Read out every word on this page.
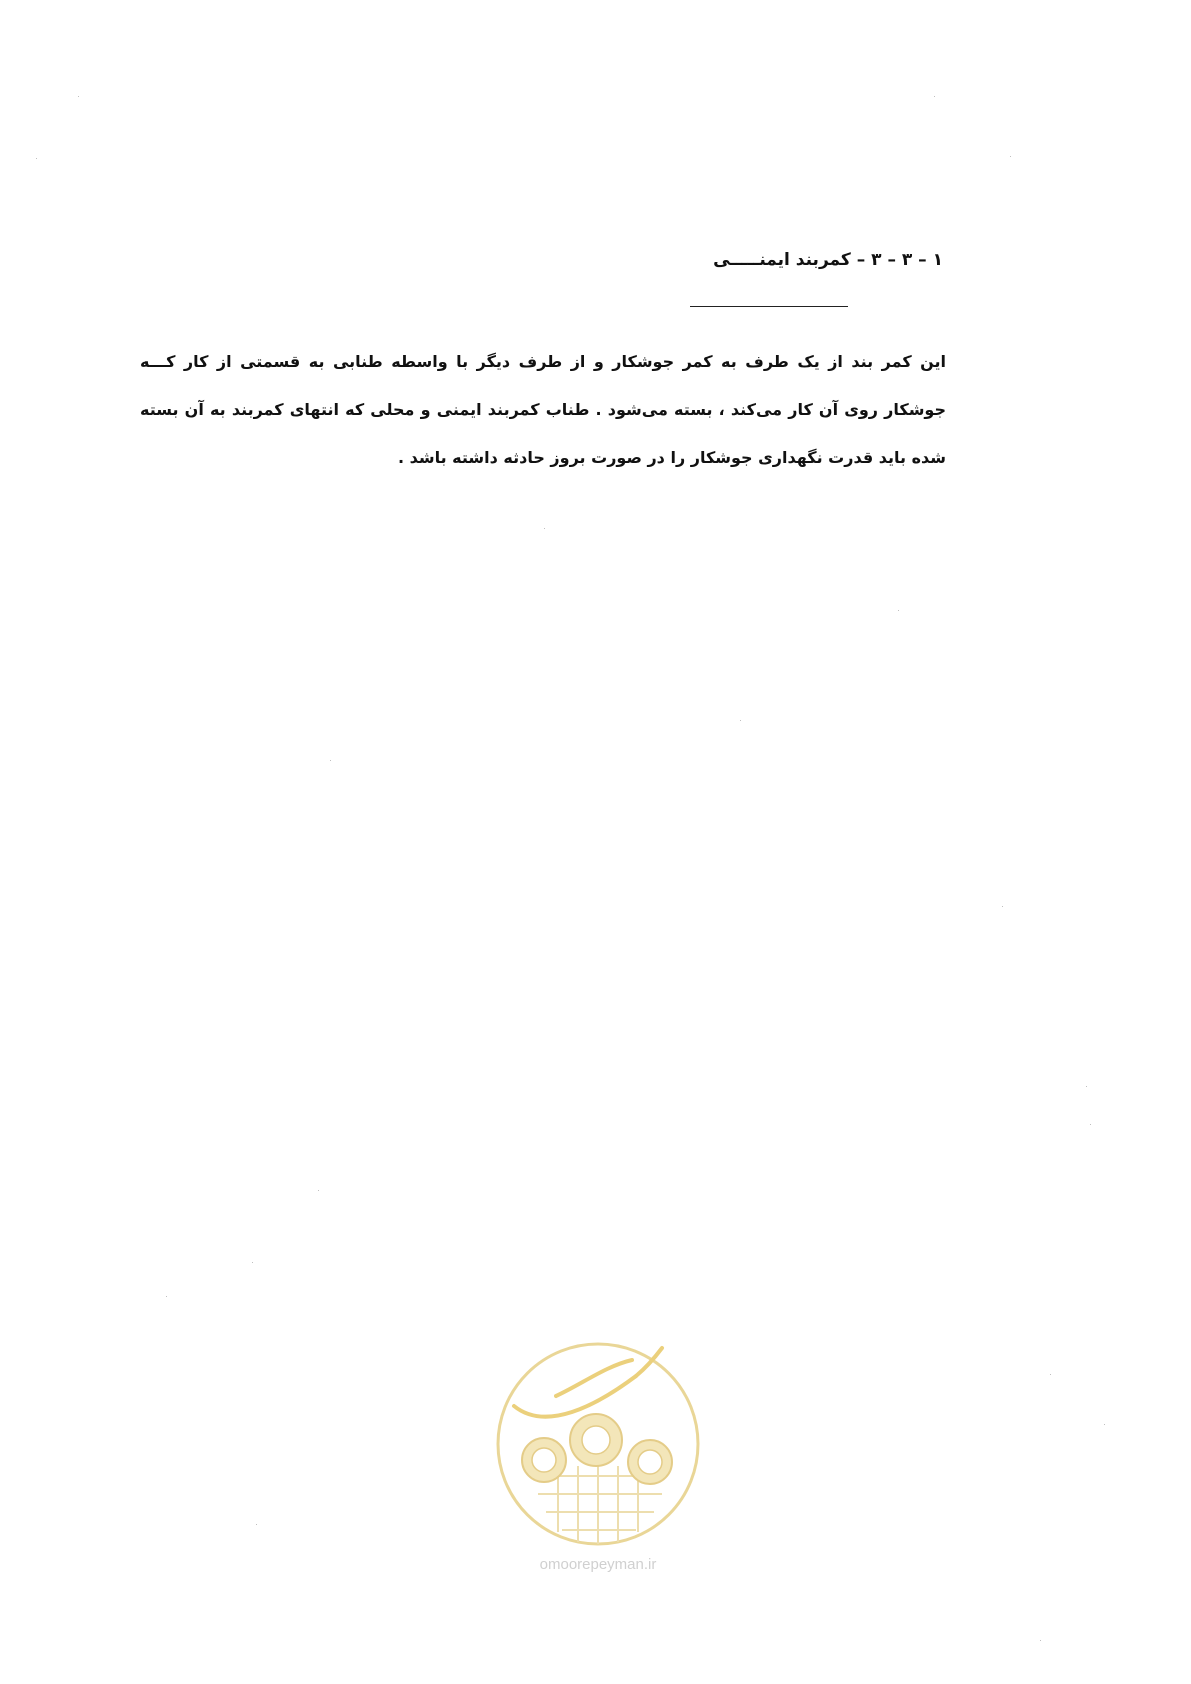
۱ – ۳ – ۳ – کمربند ایمنـــــی
این کمر بند از یک طرف به کمر جوشکار و از طرف دیگر با واسطه طنابی به قسمتی از کار کـــه
جوشکار روی آن کار می‌کند ، بسته می‌شود . طناب کمربند ایمنی و محلی که انتهای کمربند به آن بسته
شده باید قدرت نگهداری جوشکار را در صورت بروز حادثه داشته باشد .
omoorepeyman.ir
